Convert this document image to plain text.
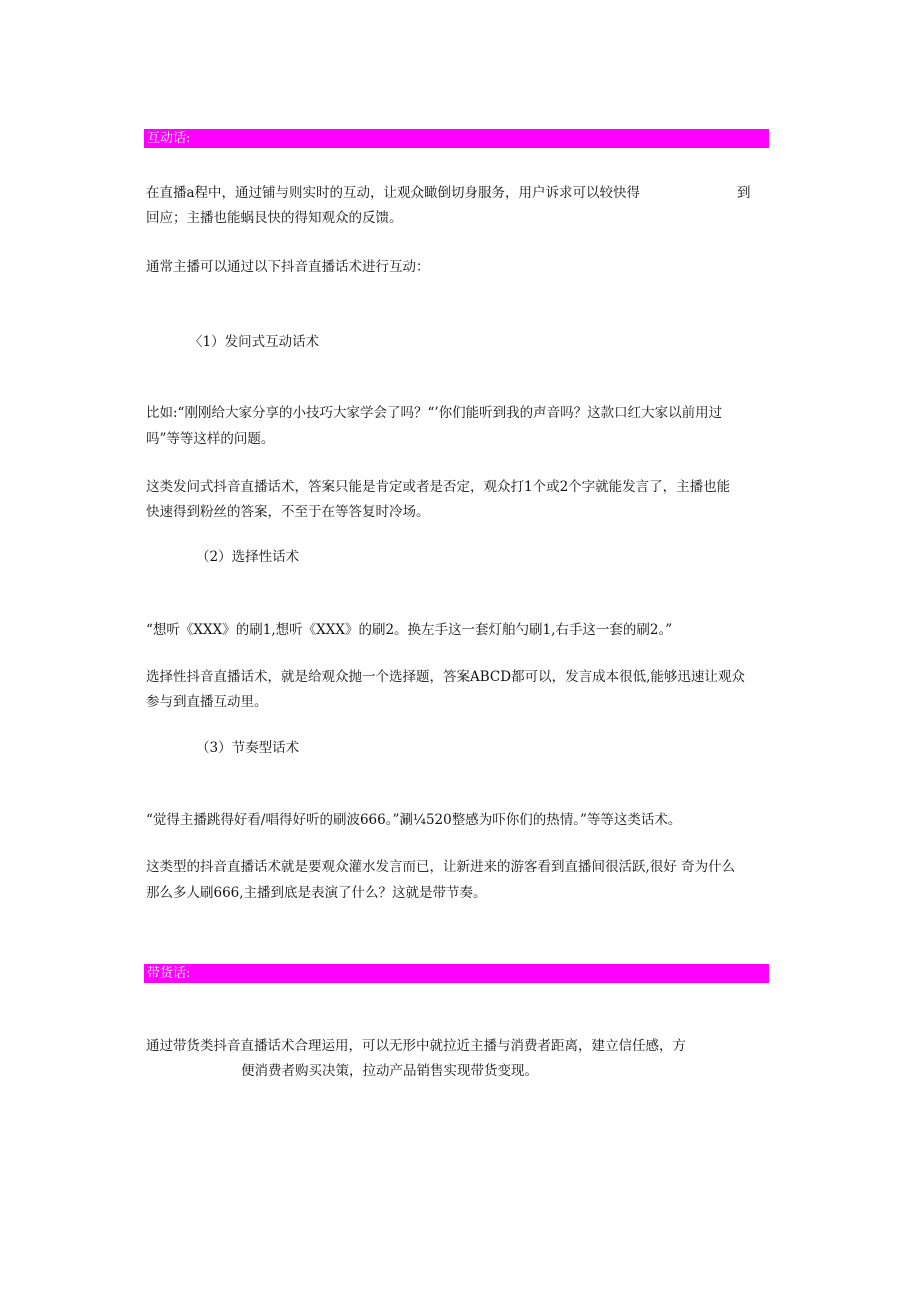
互动话:
在直播a程中，通过铺与则实时的互动，让观众瞰倒切身服务，用户诉求可以较快得	到
回应；主播也能蜗艮快的得知观众的反馈。
通常主播可以通过以下抖音直播话术进行互动：
〈1）发问式互动话术
比如:“刚刚给大家分享的小技巧大家学会了吗？“’你们能听到我的声音吗？这款口红大家以前用过
吗”等等这样的问题。
这类发问式抖音直播话术，答案只能是肯定或者是否定，观众打1个或2个字就能发言了，主播也能
快速得到粉丝的答案，不至于在等答复时冷场。
（2）选择性话术
“想听《XXX》的刷1,想听《XXX》的刷2。换左手这一套灯舶勺刷1,右手这一套的刷2。”
选择性抖音直播话术，就是给观众抛一个选择题，答案ABCD都可以，发言成本很低,能够迅速让观众
参与到直播互动里。
（3）节奏型话术
“觉得主播跳得好看/唱得好听的刷波666。”涮¼520整感为吓你们的热情。”等等这类话术。
这类型的抖音直播话术就是要观众灌水发言而已，让新进来的游客看到直播间很活跃,很好 奇为什么
那么多人刷666,主播到底是表演了什么？这就是带节奏。
带货话:
通过带货类抖音直播话术合理运用，可以无形中就拉近主播与消费者距离，建立信任感，方
便消费者购买决策，拉动产品销售实现带货变现。
